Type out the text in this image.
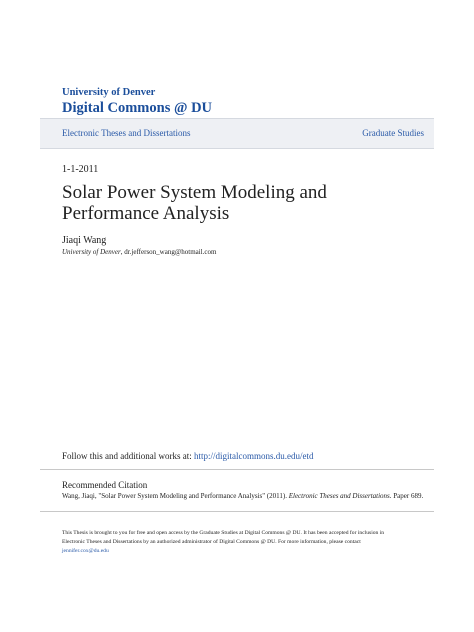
University of Denver
Digital Commons @ DU
Electronic Theses and Dissertations	Graduate Studies
1-1-2011
Solar Power System Modeling and Performance Analysis
Jiaqi Wang
University of Denver, dr.jefferson_wang@hotmail.com
Follow this and additional works at: http://digitalcommons.du.edu/etd
Recommended Citation
Wang, Jiaqi, "Solar Power System Modeling and Performance Analysis" (2011). Electronic Theses and Dissertations. Paper 689.
This Thesis is brought to you for free and open access by the Graduate Studies at Digital Commons @ DU. It has been accepted for inclusion in Electronic Theses and Dissertations by an authorized administrator of Digital Commons @ DU. For more information, please contact
jennifer.cox@du.edu
